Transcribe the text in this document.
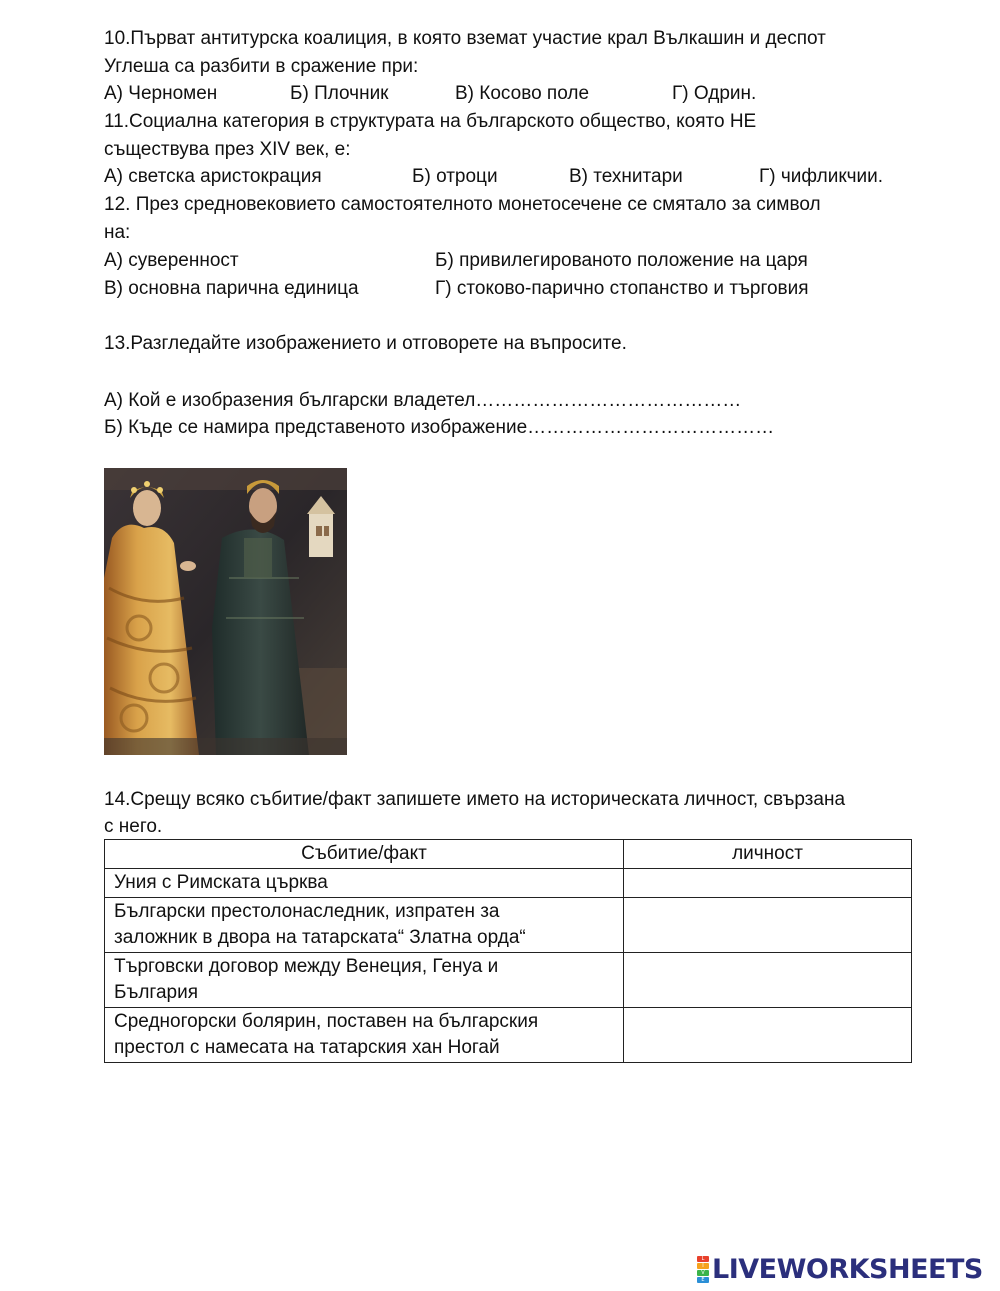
10.Първат антитурска коалиция, в която вземат участие крал Вълкашин и деспот
Углеша са разбити в сражение при:
А) Черномен	Б) Плочник	В) Косово поле	Г) Одрин.
11.Социална категория в структурата на българското общество, която НЕ
съществува през XIV век, е:
А) светска аристокрация	Б) отроци	В) технитари	Г) чифликчии.
12. През средновековието самостоятелното монетосечене се смятало за символ
на:
А) суверенност	Б) привилегированото положение на царя
В) основна парична единица	Г) стоково-парично стопанство и търговия
13.Разгледайте изображението и отговорете на въпросите.
А) Кой е изобразения български владетел……………………………………
Б) Къде се намира представеното изображение…………………………………
14.Срещу всяко събитие/факт запишете името на историческата личност, свързана
с него.
Събитие/факт	личност

Уния с Римската църква	

Български престолонаследник, изпратен за
заложник в двора на татарската“ Златна орда“	

Търговски договор между Венеция, Генуа и
България	

Средногорски болярин, поставен на българския
престол с намесата на татарския хан Ногай	

L
I
V
E LIVEWORKSHEETS
